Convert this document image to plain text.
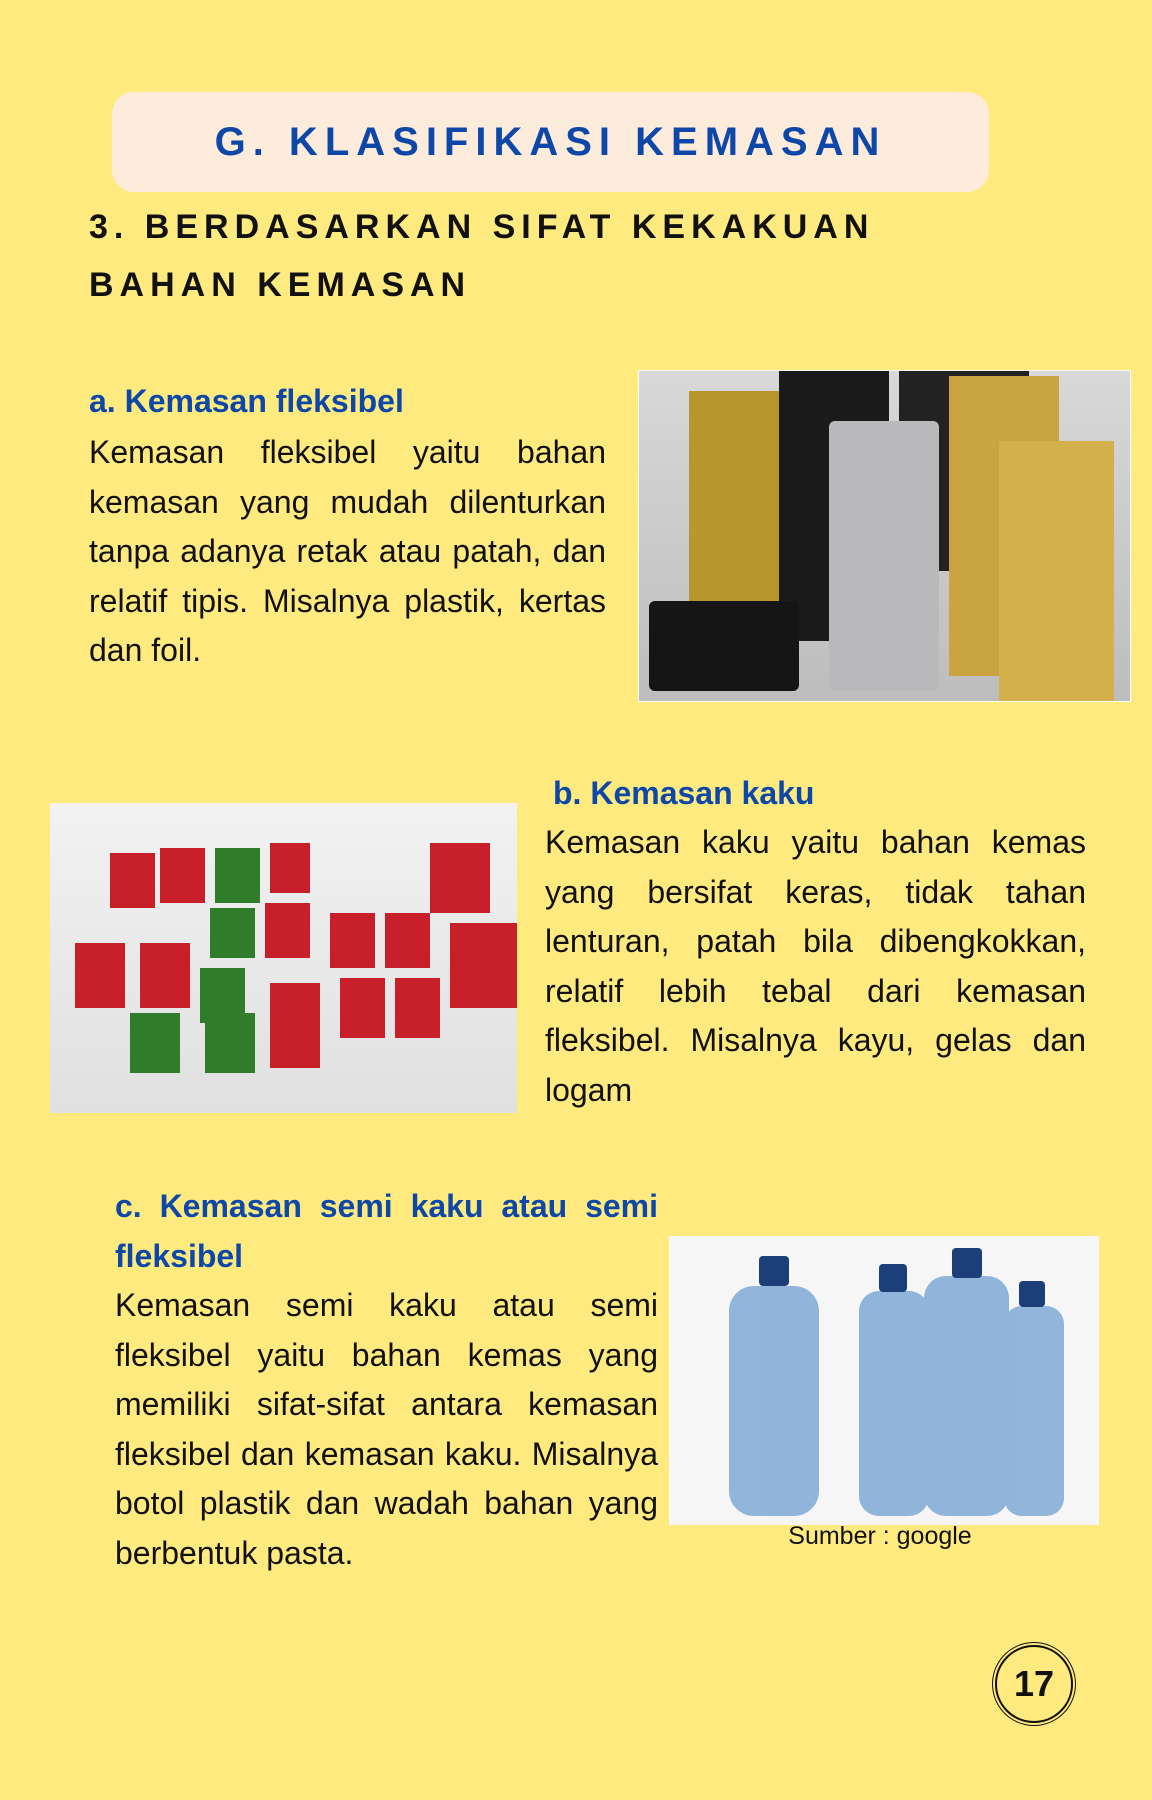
G. KLASIFIKASI KEMASAN
3. BERDASARKAN SIFAT KEKAKUAN
BAHAN KEMASAN
a. Kemasan fleksibel
Kemasan fleksibel yaitu bahan kemasan yang mudah dilenturkan tanpa adanya retak atau patah, dan relatif tipis. Misalnya plastik, kertas dan foil.
b. Kemasan kaku
Kemasan kaku yaitu bahan kemas yang bersifat keras, tidak tahan lenturan, patah bila dibengkokkan, relatif lebih tebal dari kemasan fleksibel. Misalnya kayu, gelas dan logam
c. Kemasan semi kaku atau semi fleksibel
Kemasan semi kaku atau semi fleksibel yaitu bahan kemas yang memiliki sifat-sifat antara kemasan fleksibel dan kemasan kaku. Misalnya botol plastik dan wadah bahan yang berbentuk pasta.	Sumber : google
17
